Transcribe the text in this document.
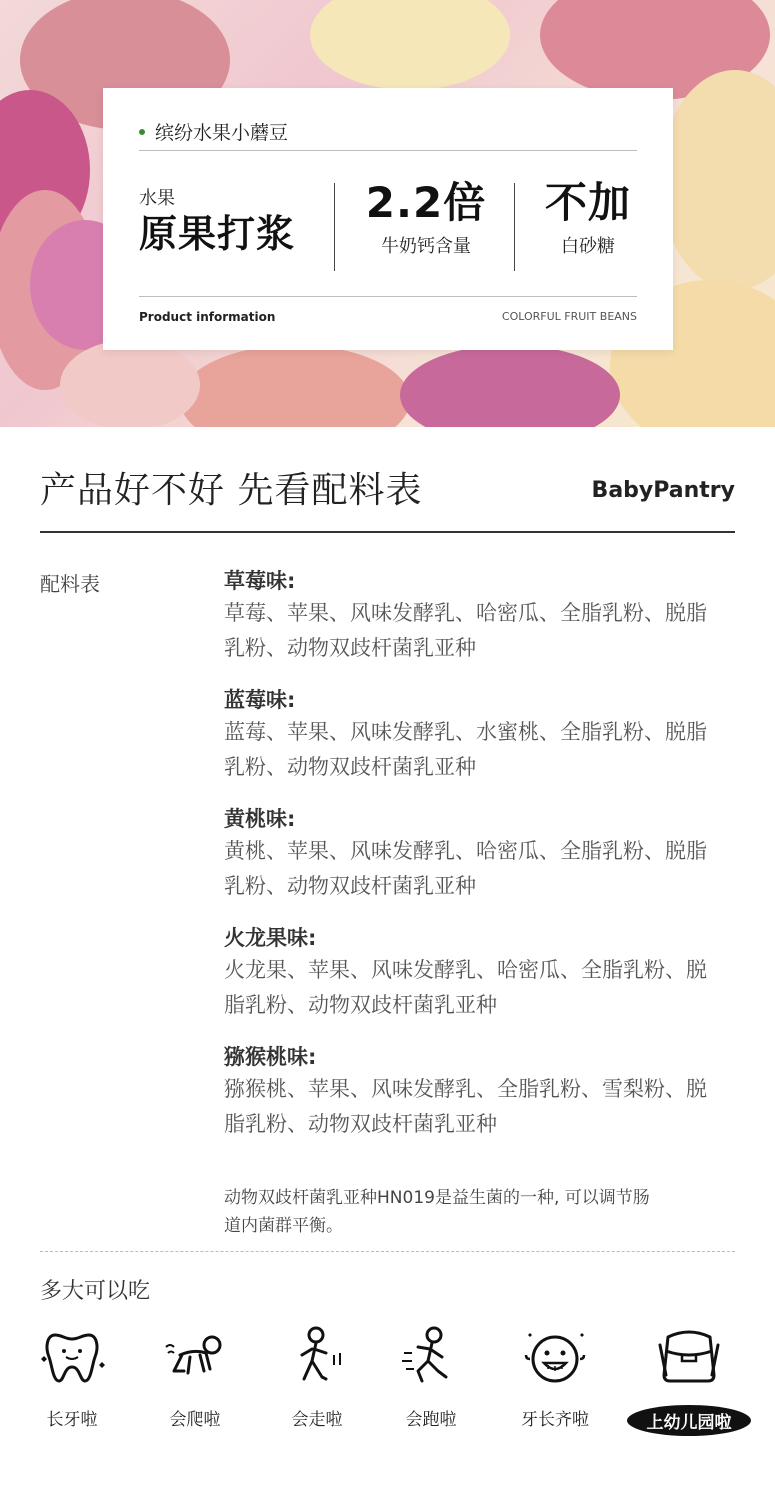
缤纷水果小蘑豆
水果
原果打浆
2.2倍
牛奶钙含量
不加
白砂糖
Product information	COLORFUL FRUIT BEANS
产品好不好 先看配料表	BabyPantry
配料表	草莓味:
草莓、苹果、风味发酵乳、哈密瓜、全脂乳粉、脱脂
乳粉、动物双歧杆菌乳亚种
蓝莓味:
蓝莓、苹果、风味发酵乳、水蜜桃、全脂乳粉、脱脂
乳粉、动物双歧杆菌乳亚种
黄桃味:
黄桃、苹果、风味发酵乳、哈密瓜、全脂乳粉、脱脂
乳粉、动物双歧杆菌乳亚种
火龙果味:
火龙果、苹果、风味发酵乳、哈密瓜、全脂乳粉、脱
脂乳粉、动物双歧杆菌乳亚种
猕猴桃味:
猕猴桃、苹果、风味发酵乳、全脂乳粉、雪梨粉、脱
脂乳粉、动物双歧杆菌乳亚种
动物双歧杆菌乳亚种HN019是益生菌的一种, 可以调节肠
道内菌群平衡。
多大可以吃
长牙啦	会爬啦	会走啦	会跑啦	牙长齐啦	上幼儿园啦
